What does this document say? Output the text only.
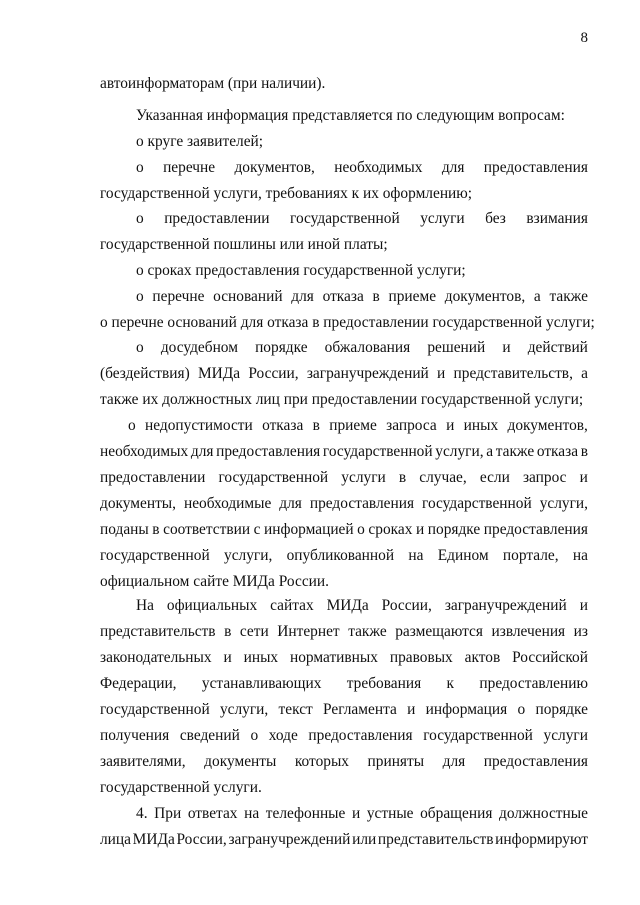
8
автоинформаторам (при наличии).
Указанная информация представляется по следующим вопросам:
о круге заявителей;
о перечне документов, необходимых для предоставления
государственной услуги, требованиях к их оформлению;
о предоставлении государственной услуги без взимания
государственной пошлины или иной платы;
о сроках предоставления государственной услуги;
о перечне оснований для отказа в приеме документов, а также
о перечне оснований для отказа в предоставлении государственной услуги;
о досудебном порядке обжалования решений и действий
(бездействия) МИДа России, загранучреждений и представительств, а
также их должностных лиц при предоставлении государственной услуги;
о недопустимости отказа в приеме запроса и иных документов,
необходимых для предоставления государственной услуги, а также отказа в
предоставлении государственной услуги в случае, если запрос и
документы, необходимые для предоставления государственной услуги,
поданы в соответствии с информацией о сроках и порядке предоставления
государственной услуги, опубликованной на Едином портале, на
официальном сайте МИДа России.
На официальных сайтах МИДа России, загранучреждений и
представительств в сети Интернет также размещаются извлечения из
законодательных и иных нормативных правовых актов Российской
Федерации, устанавливающих требования к предоставлению
государственной услуги, текст Регламента и информация о порядке
получения сведений о ходе предоставления государственной услуги
заявителями, документы которых приняты для предоставления
государственной услуги.
4. При ответах на телефонные и устные обращения должностные
лица МИДа России, загранучреждений или представительств информируют
